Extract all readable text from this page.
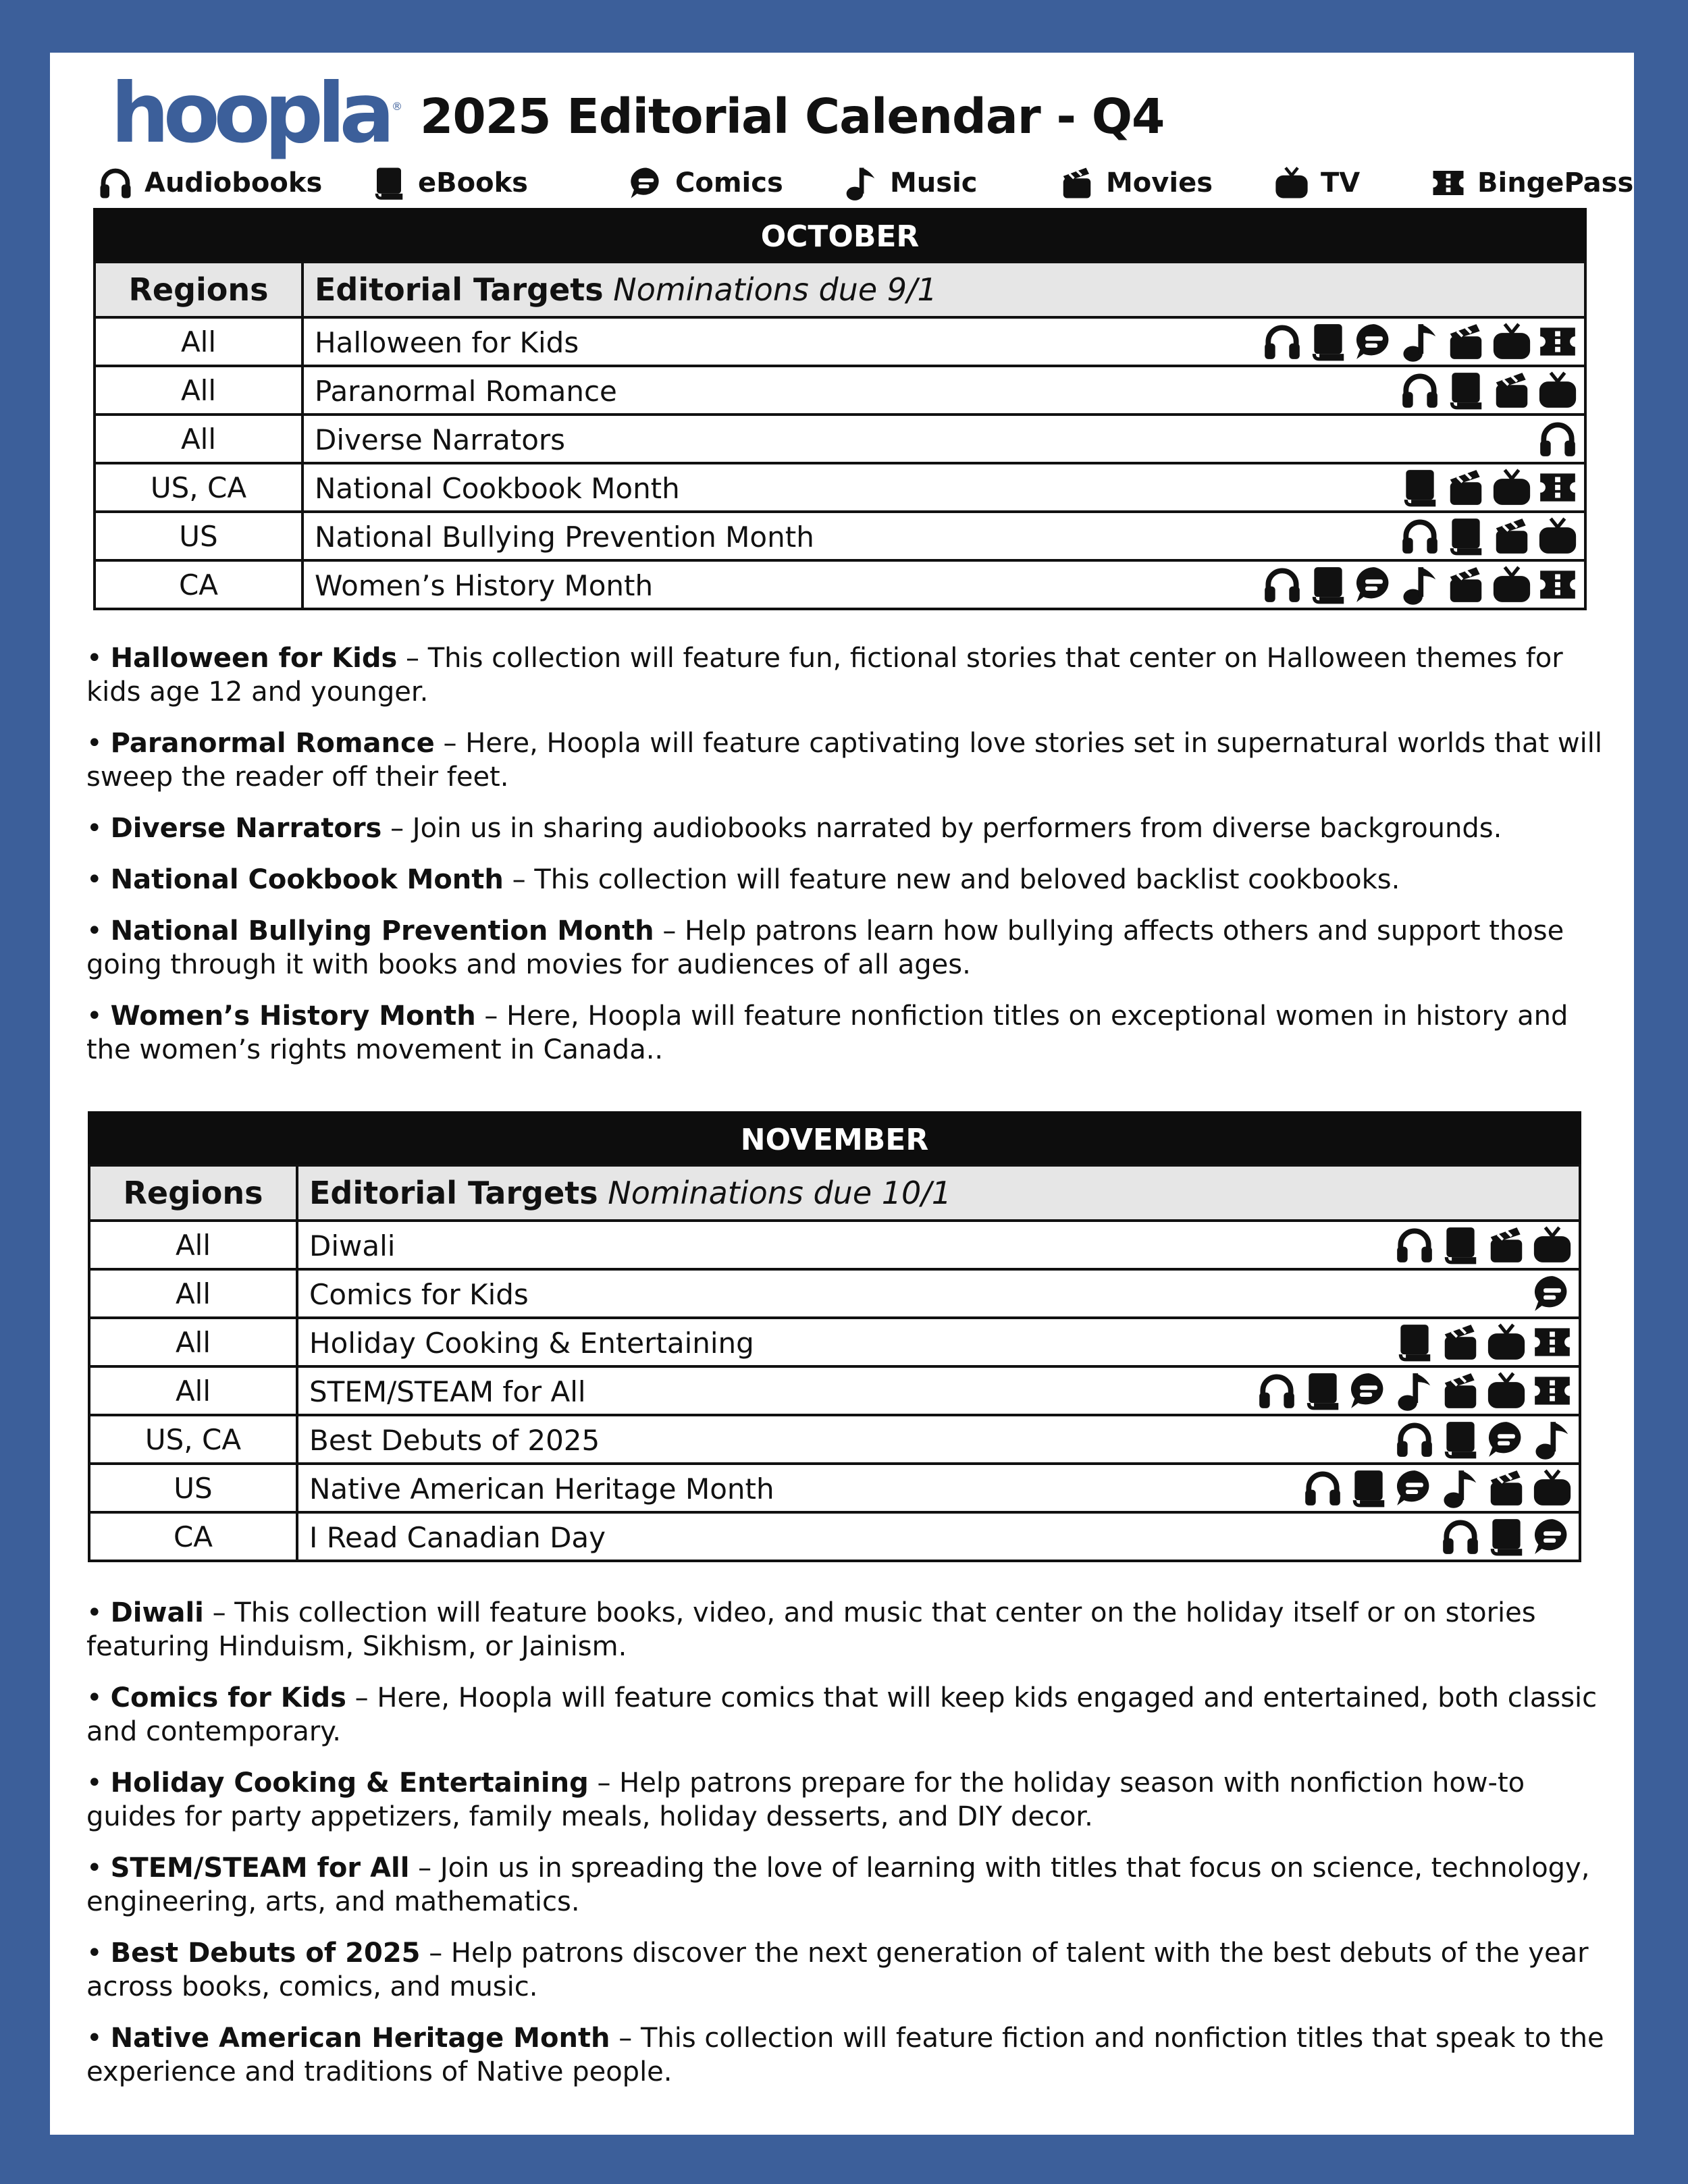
hoopla ® 2025 Editorial Calendar - Q4
Audiobooks	eBooks	Comics	Music	Movies	TV	BingePass
OCTOBER
Regions	Editorial Targets Nominations due 9/1
All	Halloween for Kids

All	Paranormal Romance

All	Diverse Narrators

US, CA	National Cookbook Month

US	National Bullying Prevention Month

CA	Women’s History Month

• Halloween for Kids – This collection will feature fun, fictional stories that center on Halloween themes for kids age 12 and younger.

• Paranormal Romance – Here, Hoopla will feature captivating love stories set in supernatural worlds that will sweep the reader off their feet.

• Diverse Narrators – Join us in sharing audiobooks narrated by performers from diverse backgrounds.

• National Cookbook Month – This collection will feature new and beloved backlist cookbooks.

• National Bullying Prevention Month – Help patrons learn how bullying affects others and support those going through it with books and movies for audiences of all ages.

• Women’s History Month – Here, Hoopla will feature nonfiction titles on exceptional women in history and the women’s rights movement in Canada..

NOVEMBER
Regions	Editorial Targets Nominations due 10/1
All	Diwali

All	Comics for Kids

All	Holiday Cooking & Entertaining

All	STEM/STEAM for All

US, CA	Best Debuts of 2025

US	Native American Heritage Month

CA	I Read Canadian Day

• Diwali – This collection will feature books, video, and music that center on the holiday itself or on stories featuring Hinduism, Sikhism, or Jainism.

• Comics for Kids – Here, Hoopla will feature comics that will keep kids engaged and entertained, both classic and contemporary.

• Holiday Cooking & Entertaining – Help patrons prepare for the holiday season with nonfiction how-to guides for party appetizers, family meals, holiday desserts, and DIY decor.

• STEM/STEAM for All – Join us in spreading the love of learning with titles that focus on science, technology, engineering, arts, and mathematics.

• Best Debuts of 2025 – Help patrons discover the next generation of talent with the best debuts of the year across books, comics, and music.

• Native American Heritage Month – This collection will feature fiction and nonfiction titles that speak to the experience and traditions of Native people.
